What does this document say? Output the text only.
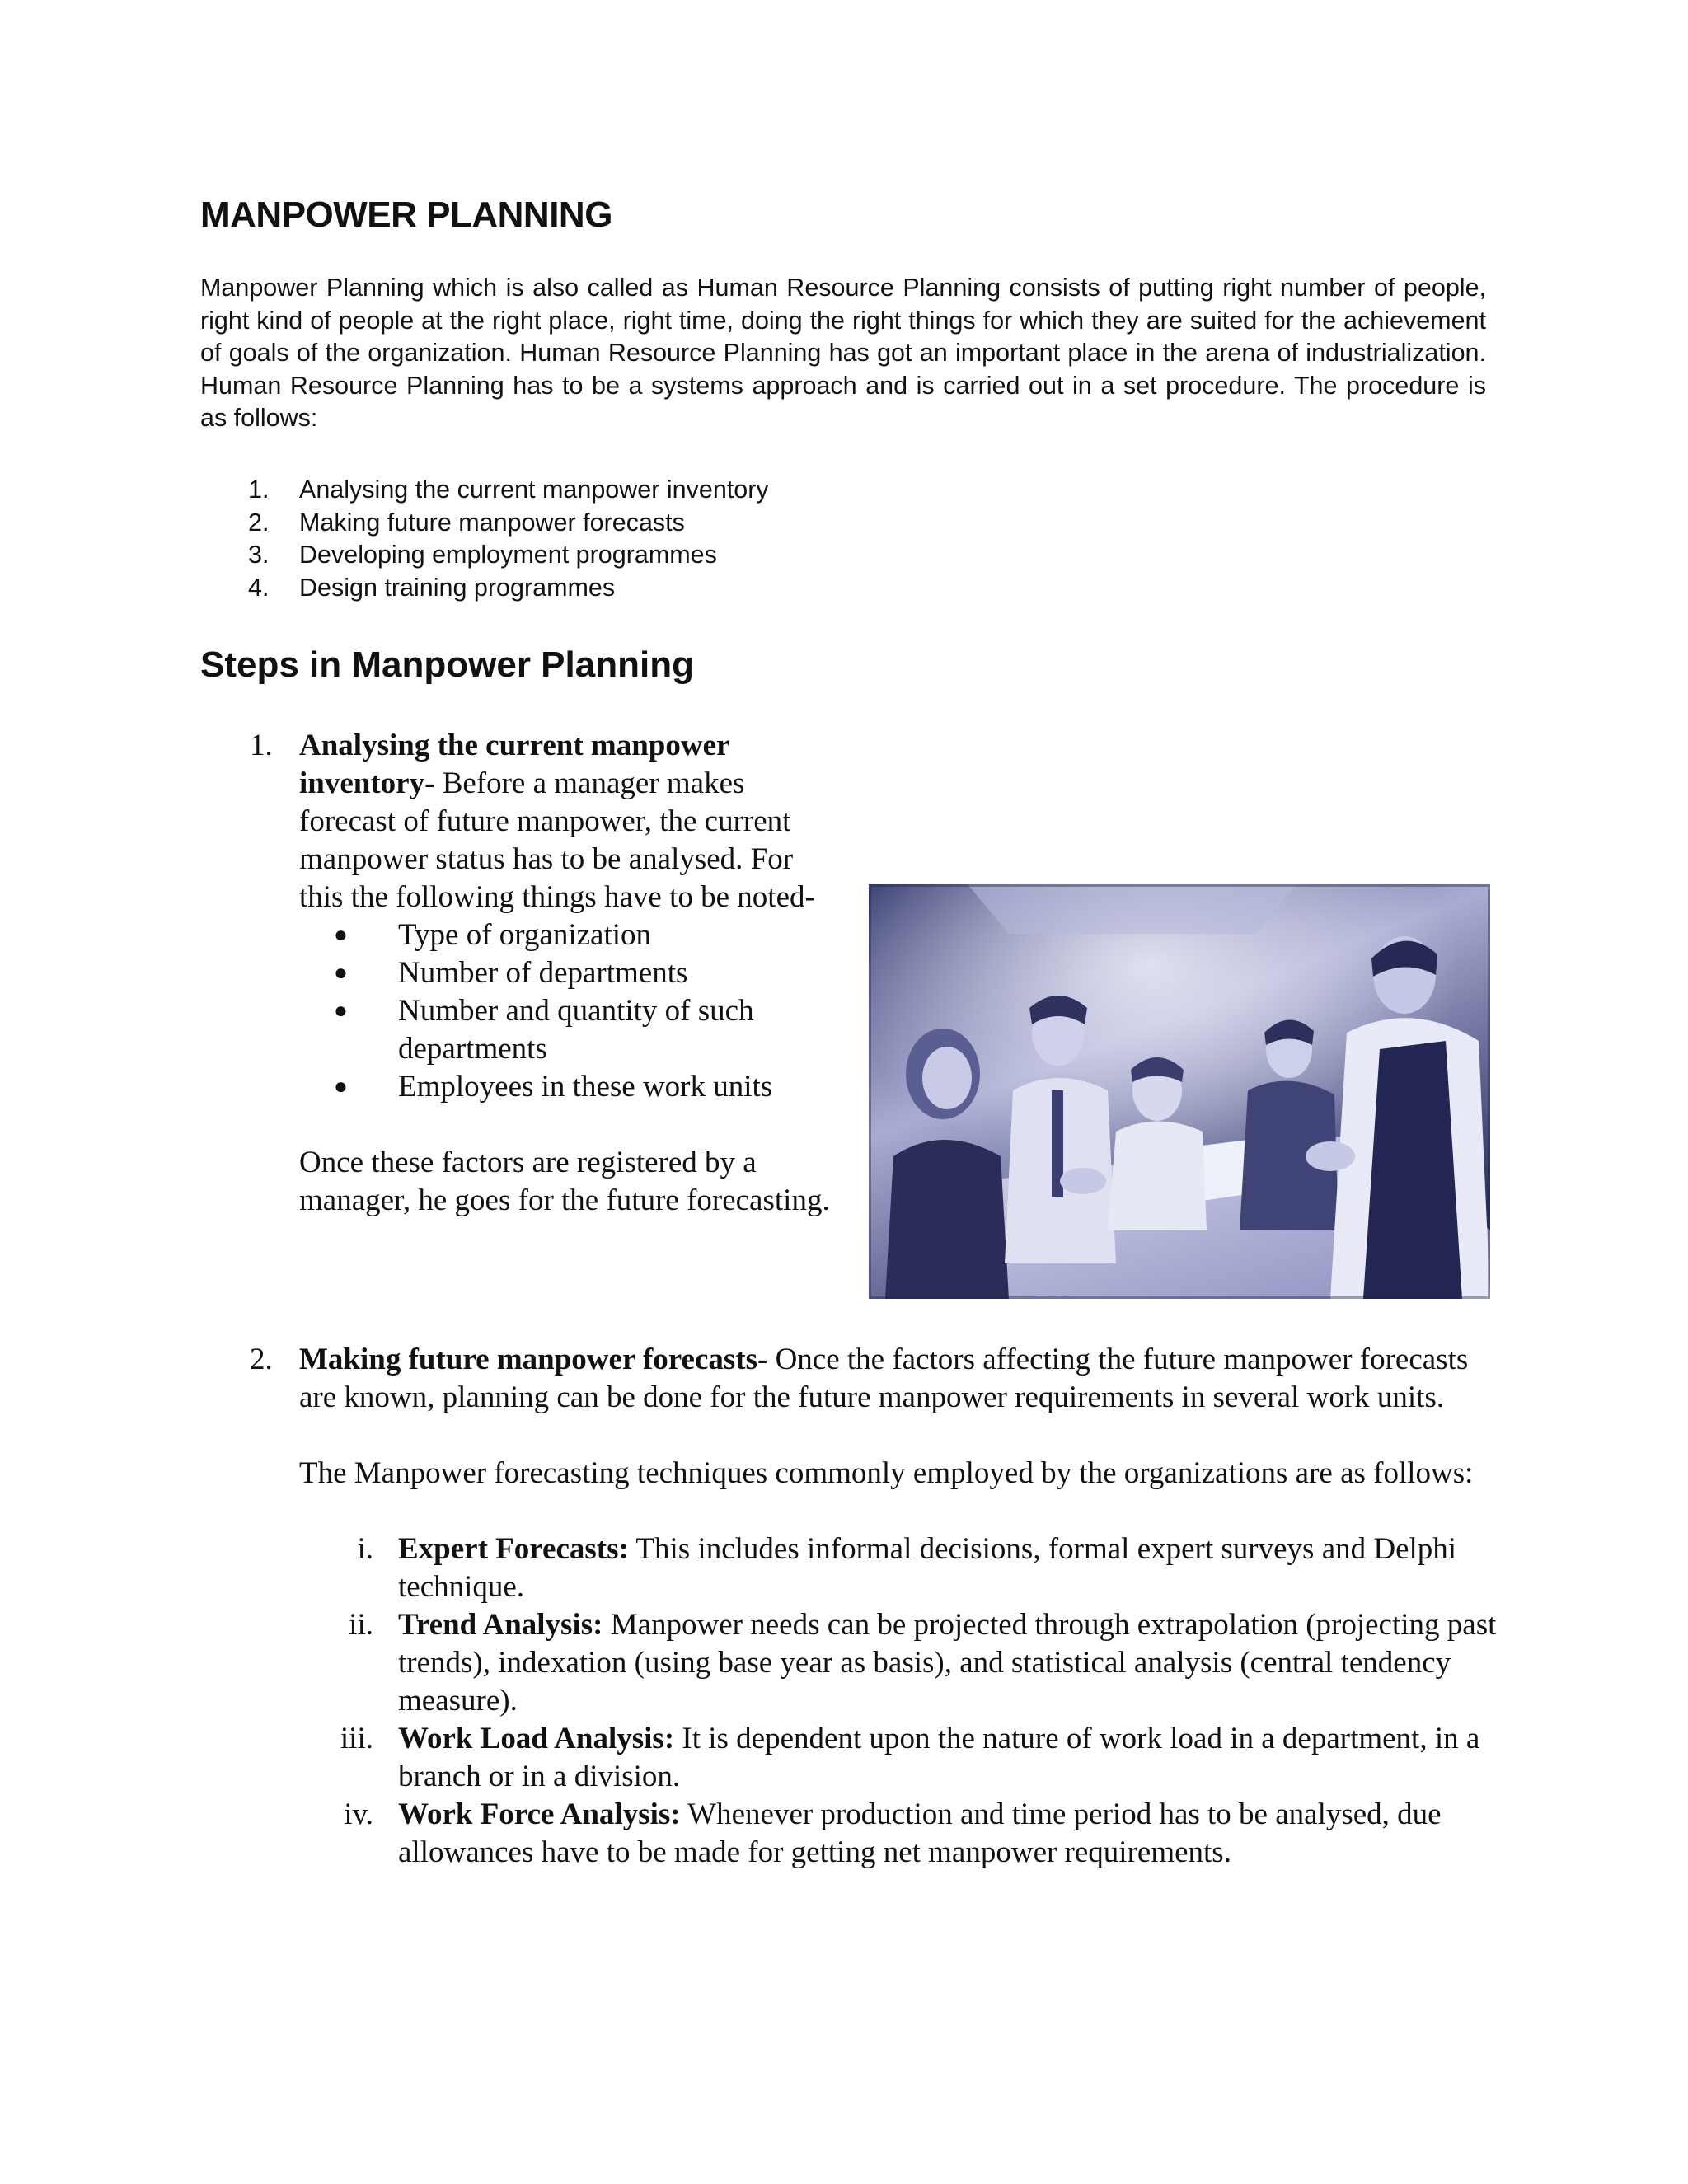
MANPOWER PLANNING
Manpower Planning which is also called as Human Resource Planning consists of putting right number of people, right kind of people at the right place, right time, doing the right things for which they are suited for the achievement of goals of the organization. Human Resource Planning has got an important place in the arena of industrialization. Human Resource Planning has to be a systems approach and is carried out in a set procedure. The procedure is as follows:
1. Analysing the current manpower inventory
2. Making future manpower forecasts
3. Developing employment programmes
4. Design training programmes
Steps in Manpower Planning
1. Analysing the current manpower inventory- Before a manager makes forecast of future manpower, the current manpower status has to be analysed. For this the following things have to be noted-
● Type of organization
● Number of departments
● Number and quantity of such departments
● Employees in these work units
Once these factors are registered by a manager, he goes for the future forecasting.
2. Making future manpower forecasts- Once the factors affecting the future manpower forecasts are known, planning can be done for the future manpower requirements in several work units.
The Manpower forecasting techniques commonly employed by the organizations are as follows:
i. Expert Forecasts: This includes informal decisions, formal expert surveys and Delphi technique.
ii. Trend Analysis: Manpower needs can be projected through extrapolation (projecting past trends), indexation (using base year as basis), and statistical analysis (central tendency measure).
iii. Work Load Analysis: It is dependent upon the nature of work load in a department, in a branch or in a division.
iv. Work Force Analysis: Whenever production and time period has to be analysed, due allowances have to be made for getting net manpower requirements.
